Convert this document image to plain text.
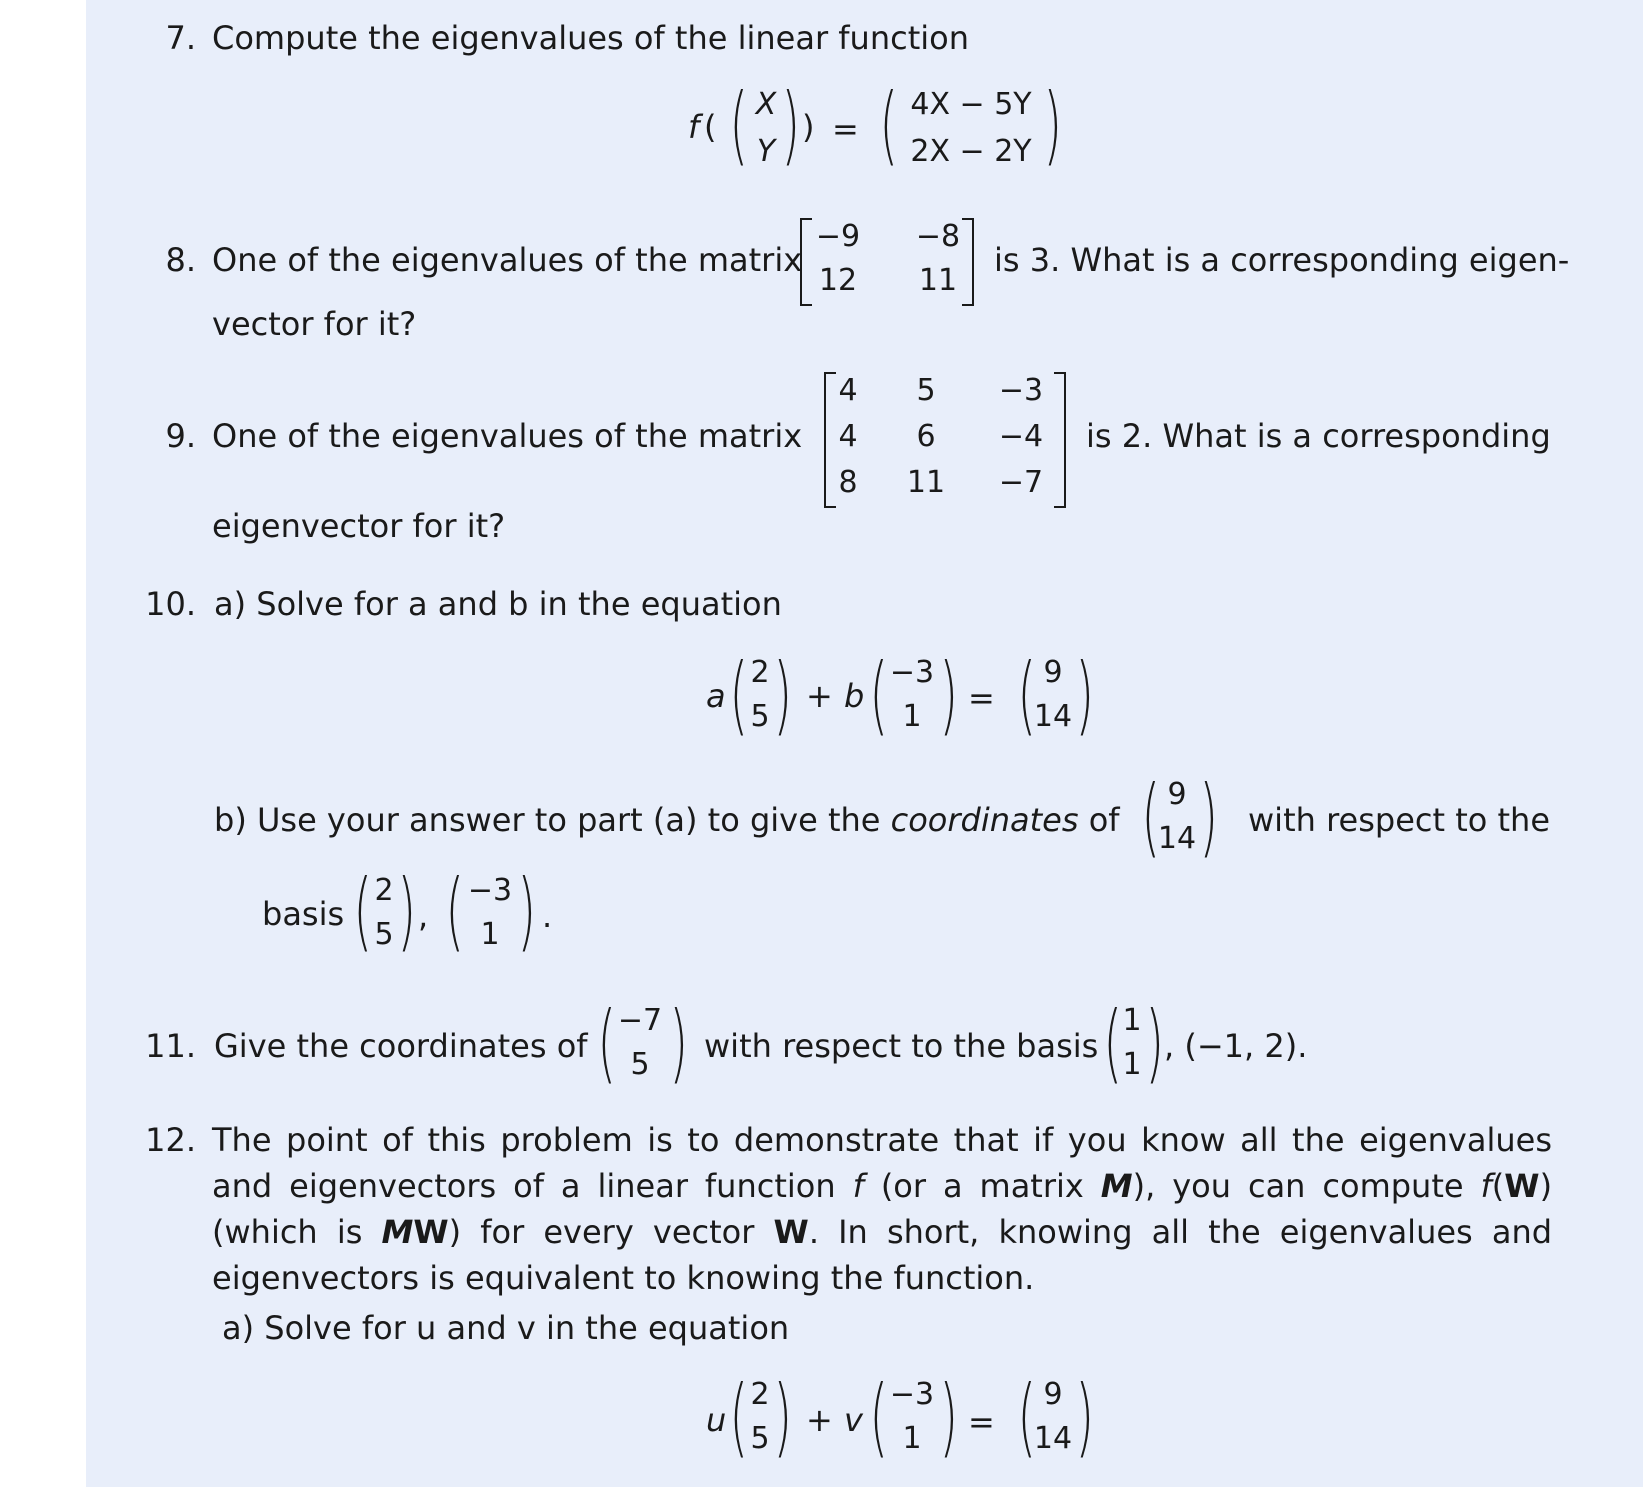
7. Compute the eigenvalues of the linear function
f ( ( X
Y ) ) = ( 4X − 5Y
2X − 2Y )
8. One of the eigenvalues of the matrix
−9 −8
12	11
is 3. What is a corresponding eigen-
vector for it?
9. One of the eigenvalues of the matrix
4	5	−3
4	6	−4
8	11 −7
is 2. What is a corresponding
eigenvector for it?
10. a) Solve for a and b in the equation
a ( 2
5 ) + b ( −3
1 ) = ( 9
14 )
b) Use your answer to part (a) to give the coordinates of ( 9
14 ) with respect to the
basis ( 2
5 ) , ( −3
1 ) .
11. Give the coordinates of ( −7
5 ) with respect to the basis ( 1
1 ) , (−1, 2).
12. The point of this problem is to demonstrate that if you know all the eigenvalues and eigenvectors of a linear function f (or a matrix M), you can compute f(W) (which is MW) for every vector W. In short, knowing all the eigenvalues and eigenvectors is equivalent to knowing the function.
a) Solve for u and v in the equation
u ( 2
5 ) + v ( −3
1 ) = ( 9
14 )
